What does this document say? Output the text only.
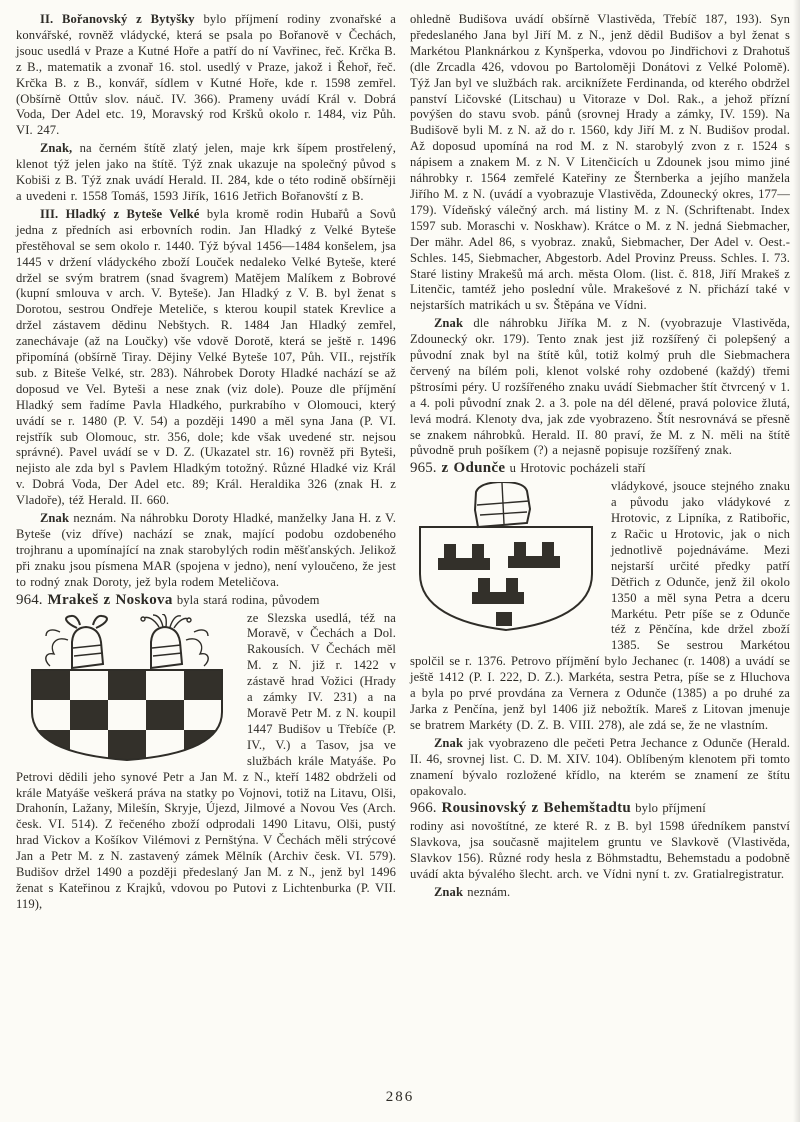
II. Bořanovský z Bytyšky bylo příjmení rodiny zvonařské a konvářské, rovněž vládycké, která se psala po Bořanově v Čechách, jsouc usedlá v Praze a Kutné Hoře a patří do ní Vavřinec, řeč. Krčka B. z B., matematik a zvonař 16. stol. usedlý v Praze, jakož i Řehoř, řeč. Krčka B. z B., konvář, sídlem v Kutné Hoře, kde r. 1598 zemřel. (Obšírně Ottův slov. náuč. IV. 366). Prameny uvádí Král v. Dobrá Voda, Der Adel etc. 19, Moravský rod Kršků okolo r. 1484, viz Půh. VI. 247.

Znak, na černém štítě zlatý jelen, maje krk šípem prostřelený, klenot týž jelen jako na štítě. Týž znak ukazuje na společný původ s Kobiši z B. Týž znak uvádí Herald. II. 284, kde o této rodině obšírněji a uvedeni r. 1558 Tomáš, 1593 Jiřík, 1616 Jetřich Bořanovští z B.

III. Hladký z Byteše Velké byla kromě rodin Hubařů a Sovů jedna z předních asi erbovních rodin. Jan Hladký z Velké Byteše přestěhoval se sem okolo r. 1440. Týž býval 1456—1484 konšelem, jsa 1445 v držení vládyckého zboží Louček nedaleko Velké Byteše, které držel se svým bratrem (snad švagrem) Matějem Malíkem z Bobrové (kupní smlouva v arch. V. Byteše). Jan Hladký z V. B. byl ženat s Dorotou, sestrou Ondřeje Meteliče, s kterou koupil statek Krevlice a držel zástavem dědinu Nebštych. R. 1484 Jan Hladký zemřel, zanechávaje (až na Loučky) vše vdově Dorotě, která se ještě r. 1496 připomíná (obšírně Tiray. Dějiny Velké Byteše 107, Půh. VII., rejstřík sub. z Biteše Velké, str. 283). Náhrobek Doroty Hladké nachází se až doposud ve Vel. Byteši a nese znak (viz dole). Pouze dle příjmění Hladký sem řadíme Pavla Hladkého, purkrabího v Olomouci, který uvádí se r. 1480 (P. V. 54) a později 1490 a měl syna Jana (P. VI. rejstřík sub Olomouc, str. 356, dole; kde však uvedené str. nejsou správné). Pavel uvádí se v D. Z. (Ukazatel str. 16) rovněž při Byteši, nejisto ale zda byl s Pavlem Hladkým totožný. Různé Hladké viz Král v. Dobrá Voda, Der Adel etc. 89; Král. Heraldika 326 (znak H. z Vladoře), též Herald. II. 660.

Znak neznám. Na náhrobku Doroty Hladké, manželky Jana H. z V. Byteše (viz dříve) nachází se znak, mající podobu ozdobeného trojhranu a upomínající na znak starobylých rodin měšťanských. Jelikož při znaku jsou písmena MAR (spojena v jedno), není vyloučeno, že jest to rodný znak Doroty, jež byla rodem Meteličova.

964. Mrakeš z Noskova byla stará rodina, původem

ze Slezska usedlá, též na Moravě, v Čechách a Dol. Rakousích. V Čechách měl M. z N. již r. 1422 v zástavě hrad Vožici (Hrady a zámky IV. 231) a na Moravě Petr M. z N. koupil 1447 Budišov u Třebíče (P. IV., V.) a Tasov, jsa ve službách krále Matyáše. Po Petrovi dědili jeho synové Petr a Jan M. z N., kteří 1482 obdrželi od krále Matyáše veškerá práva na statky po Vojnovi, totiž na Litavu, Olši, Drahonín, Lažany, Milešín, Skryje, Újezd, Jilmové a Novou Ves (Arch. česk. VI. 514). Z řečeného zboží odprodali 1490 Litavu, Olši, pustý hrad Vickov a Košíkov Vilémovi z Pernštýna. V Čechách měli strýcové Jan a Petr M. z N. zastavený zámek Mělník (Archiv česk. VI. 579). Budišov držel 1490 a později předeslaný Jan M. z N., jenž byl 1496 ženat s Kateřinou z Krajků, vdovou po Putovi z Lichtenburka (P. VII. 119),
ohledně Budišova uvádí obšírně Vlastivěda, Třebíč 187, 193). Syn předeslaného Jana byl Jiří M. z N., jenž dědil Budišov a byl ženat s Markétou Planknárkou z Kynšperka, vdovou po Jindřichovi z Drahotuš (dle Zrcadla 426, vdovou po Bartoloměji Donátovi z Velké Polomě). Týž Jan byl ve službách rak. arciknížete Ferdinanda, od kterého obdržel panství Ličovské (Litschau) u Vitoraze v Dol. Rak., a jehož přízní povýšen do stavu svob. pánů (srovnej Hrady a zámky, IV. 159). Na Budišově byli M. z N. až do r. 1560, kdy Jiří M. z N. Budišov prodal. Až doposud upomíná na rod M. z N. starobylý zvon z r. 1524 s nápisem a znakem M. z N. V Litenčicích u Zdounek jsou mimo jiné náhrobky r. 1564 zemřelé Kateřiny ze Šternberka a jejího manžela Jiřího M. z N. (uvádí a vyobrazuje Vlastivěda, Zdounecký okres, 177—179). Vídeňský válečný arch. má listiny M. z N. (Schriftenabt. Index 1597 sub. Moraschi v. Noskhaw). Krátce o M. z N. jedná Siebmacher, Der mähr. Adel 86, s vyobraz. znaků, Siebmacher, Der Adel v. Oest.-Schles. 145, Siebmacher, Abgestorb. Adel Provinz Preuss. Schles. I. 73. Staré listiny Mrakešů má arch. města Olom. (list. č. 818, Jiří Mrakeš z Litenčic, tamtéž jeho poslední vůle. Mrakešové z N. přichází také v nejstarších matrikách u sv. Štěpána ve Vídni.

Znak dle náhrobku Jiříka M. z N. (vyobrazuje Vlastivěda, Zdounecký okr. 179). Tento znak jest již rozšířený či polepšený a původní znak byl na štítě kůl, totiž kolmý pruh dle Siebmachera červený na bílém poli, klenot volské rohy ozdobené (každý) třemi pštrosími péry. U rozšířeného znaku uvádí Siebmacher štít čtvrcený v 1. a 4. poli původní znak 2. a 3. pole na dél dělené, pravá polovice žlutá, levá modrá. Klenoty dva, jak zde vyobrazeno. Štít nesrovnává se přesně se znakem náhrobků. Herald. II. 80 praví, že M. z N. měli na štítě původně pruh pošíkem (?) a nejasně popisuje rozšířený znak.

965. z Odunče u Hrotovic pocházeli staří

vládykové, jsouce stejného znaku a původu jako vládykové z Hrotovic, z Lipníka, z Ratibořic, z Račic u Hrotovic, jak o nich jednotlivě pojednáváme. Mezi nejstarší určité předky patří Dětřich z Odunče, jenž žil okolo 1350 a měl syna Petra a dceru Markétu. Petr píše se z Odunče též z Pěnčína, kde držel zboží 1385. Se sestrou Markétou spolčil se r. 1376. Petrovo příjmění bylo Jechanec (r. 1408) a uvádí se ještě 1412 (P. I. 222, D. Z.). Markéta, sestra Petra, píše se z Hluchova a byla po prvé provdána za Vernera z Odunče (1385) a po druhé za Jarka z Penčína, jenž byl 1406 již nebožtík. Mareš z Litovan jmenuje se bratrem Markéty (D. Z. B. VIII. 278), ale zdá se, že ne vlastním.

Znak jak vyobrazeno dle pečeti Petra Jechance z Odunče (Herald. II. 46, srovnej list. C. D. M. XIV. 104). Oblíbeným klenotem při tomto znamení bývalo rozložené křídlo, na kterém se znamení ze štítu opakovalo.

966. Rousinovský z Behemštadtu bylo příjmení

rodiny asi novoštítné, ze které R. z B. byl 1598 úředníkem panství Slavkova, jsa současně majitelem gruntu ve Slavkově (Vlastivěda, Slavkov 156). Různé rody hesla z Böhmstadtu, Behemstadu a podobně uvádí akta bývalého šlecht. arch. ve Vídni nyní t. zv. Gratialregistratur.

Znak neznám.

286
